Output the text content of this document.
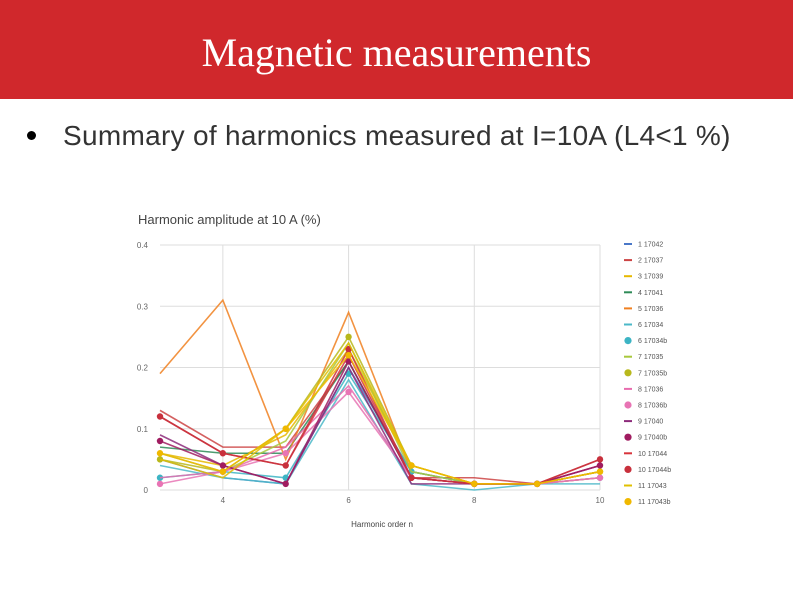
Magnetic measurements
Summary of harmonics measured at I=10A (L4<1 %)
Harmonic amplitude at 10 A (%)
0
0.1
0.2
0.3
0.4
4	6	8	10
Harmonic order n
1 17042
2 17037
3 17039
4 17041
5 17036
6 17034
6 17034b
7 17035
7 17035b
8 17036
8 17036b
9 17040
9 17040b
10 17044
10 17044b
11 17043
11 17043b
